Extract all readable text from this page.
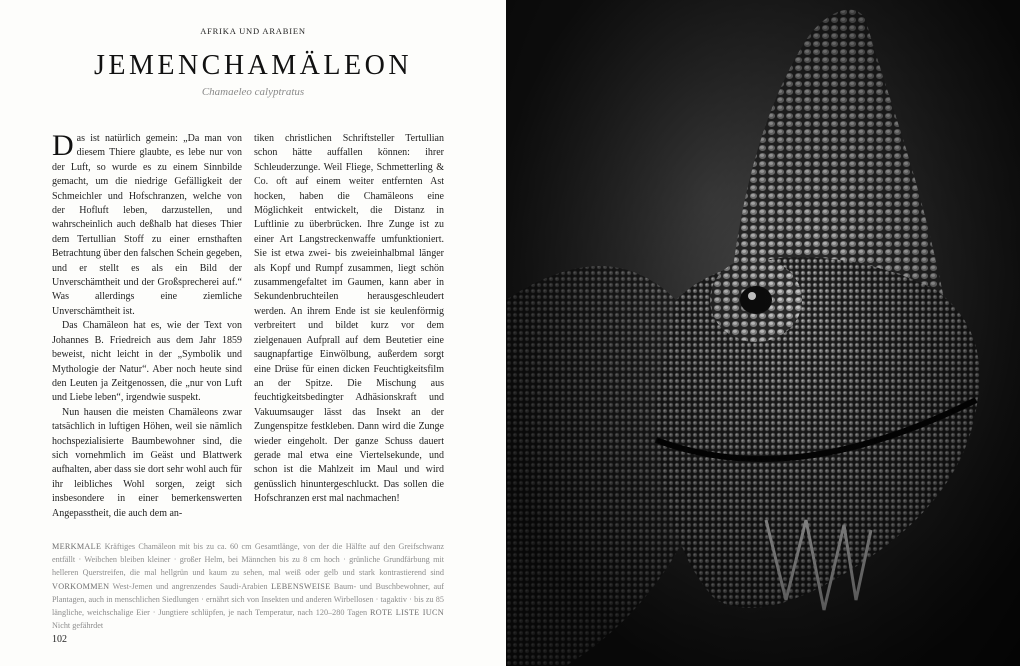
AFRIKA UND ARABIEN
JEMENCHAMÄLEON
Chamaeleo calyptratus

Das ist natürlich gemein: „Da man von diesem Thiere glaubte, es lebe nur von der Luft, so wurde es zu einem Sinnbilde gemacht, um die niedrige Gefälligkeit der Schmeichler und Hofschranzen, welche von der Hofluft leben, darzustellen, und wahrscheinlich auch deßhalb hat dieses Thier dem Tertullian Stoff zu einer ernsthaften Betrachtung über den falschen Schein gegeben, und er stellt es als ein Bild der Unverschämtheit und der Großsprecherei auf.“ Was allerdings eine ziemliche Unverschämtheit ist.

Das Chamäleon hat es, wie der Text von Johannes B. Friedreich aus dem Jahr 1859 beweist, nicht leicht in der „Symbolik und Mythologie der Natur“. Aber noch heute sind den Leuten ja Zeitgenossen, die „nur von Luft und Liebe leben“, irgendwie suspekt.

Nun hausen die meisten Chamäleons zwar tatsächlich in luftigen Höhen, weil sie nämlich hochspezialisierte Baumbewohner sind, die sich vornehmlich im Geäst und Blattwerk aufhalten, aber dass sie dort sehr wohl auch für ihr leibliches Wohl sorgen, zeigt sich insbesondere in einer bemerkenswerten Angepasstheit, die auch dem an-

tiken christlichen Schriftsteller Tertullian schon hätte auffallen können: ihrer Schleuderzunge. Weil Fliege, Schmetterling & Co. oft auf einem weiter entfernten Ast hocken, haben die Chamäleons eine Möglichkeit entwickelt, die Distanz in Luftlinie zu überbrücken. Ihre Zunge ist zu einer Art Langstreckenwaffe umfunktioniert. Sie ist etwa zwei- bis zweieinhalbmal länger als Kopf und Rumpf zusammen, liegt schön zusammengefaltet im Gaumen, kann aber in Sekundenbruchteilen herausgeschleudert werden. An ihrem Ende ist sie keulenförmig verbreitert und bildet kurz vor dem zielgenauen Aufprall auf dem Beutetier eine saugnapfartige Einwölbung, außerdem sorgt eine Drüse für einen dicken Feuchtigkeitsfilm an der Spitze. Die Mischung aus feuchtigkeitsbedingter Adhäsionskraft und Vakuumsauger lässt das Insekt an der Zungenspitze festkleben. Dann wird die Zunge wieder eingeholt. Der ganze Schuss dauert gerade mal etwa eine Viertelsekunde, und schon ist die Mahlzeit im Maul und wird genüsslich hinuntergeschluckt. Das sollen die Hofschranzen erst mal nachmachen!

MERKMALE Kräftiges Chamäleon mit bis zu ca. 60 cm Gesamtlänge, von der die Hälfte auf den Greifschwanz entfällt · Weibchen bleiben kleiner · großer Helm, bei Männchen bis zu 8 cm hoch · grünliche Grundfärbung mit helleren Querstreifen, die mal hellgrün und kaum zu sehen, mal weiß oder gelb und stark kontrastierend sind VORKOMMEN West-Jemen und angrenzendes Saudi-Arabien LEBENSWEISE Baum- und Buschbewohner, auf Plantagen, auch in menschlichen Siedlungen · ernährt sich von Insekten und anderen Wirbellosen · tagaktiv · bis zu 85 längliche, weichschalige Eier · Jungtiere schlüpfen, je nach Temperatur, nach 120–280 Tagen ROTE LISTE IUCN Nicht gefährdet
102
